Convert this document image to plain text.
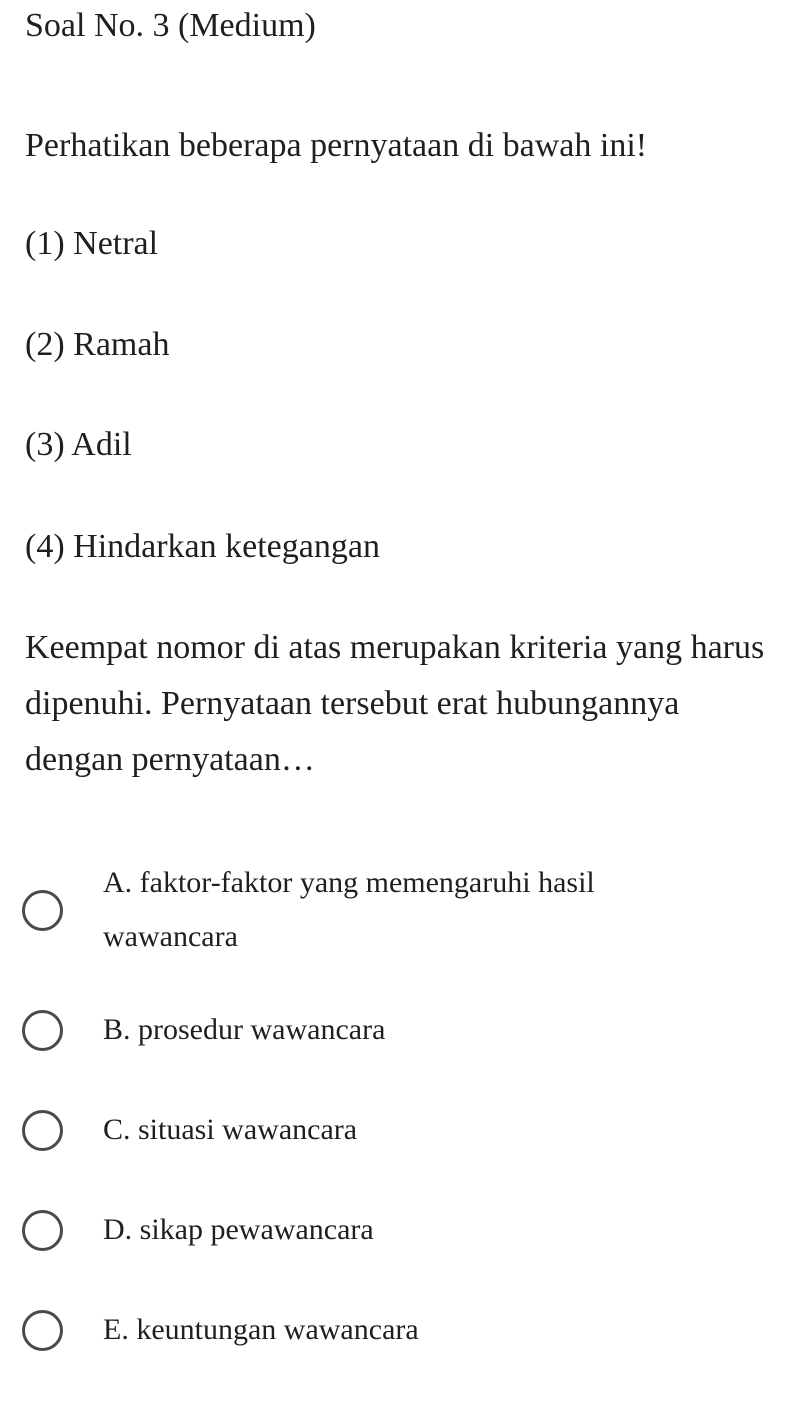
Soal No. 3 (Medium)

Perhatikan beberapa pernyataan di bawah ini!

(1) Netral

(2) Ramah

(3) Adil

(4) Hindarkan ketegangan

Keempat nomor di atas merupakan kriteria yang harus dipenuhi. Pernyataan tersebut erat hubungannya dengan pernyataan…

A. faktor-faktor yang memengaruhi hasil wawancara
B. prosedur wawancara
C. situasi wawancara
D. sikap pewawancara
E. keuntungan wawancara
